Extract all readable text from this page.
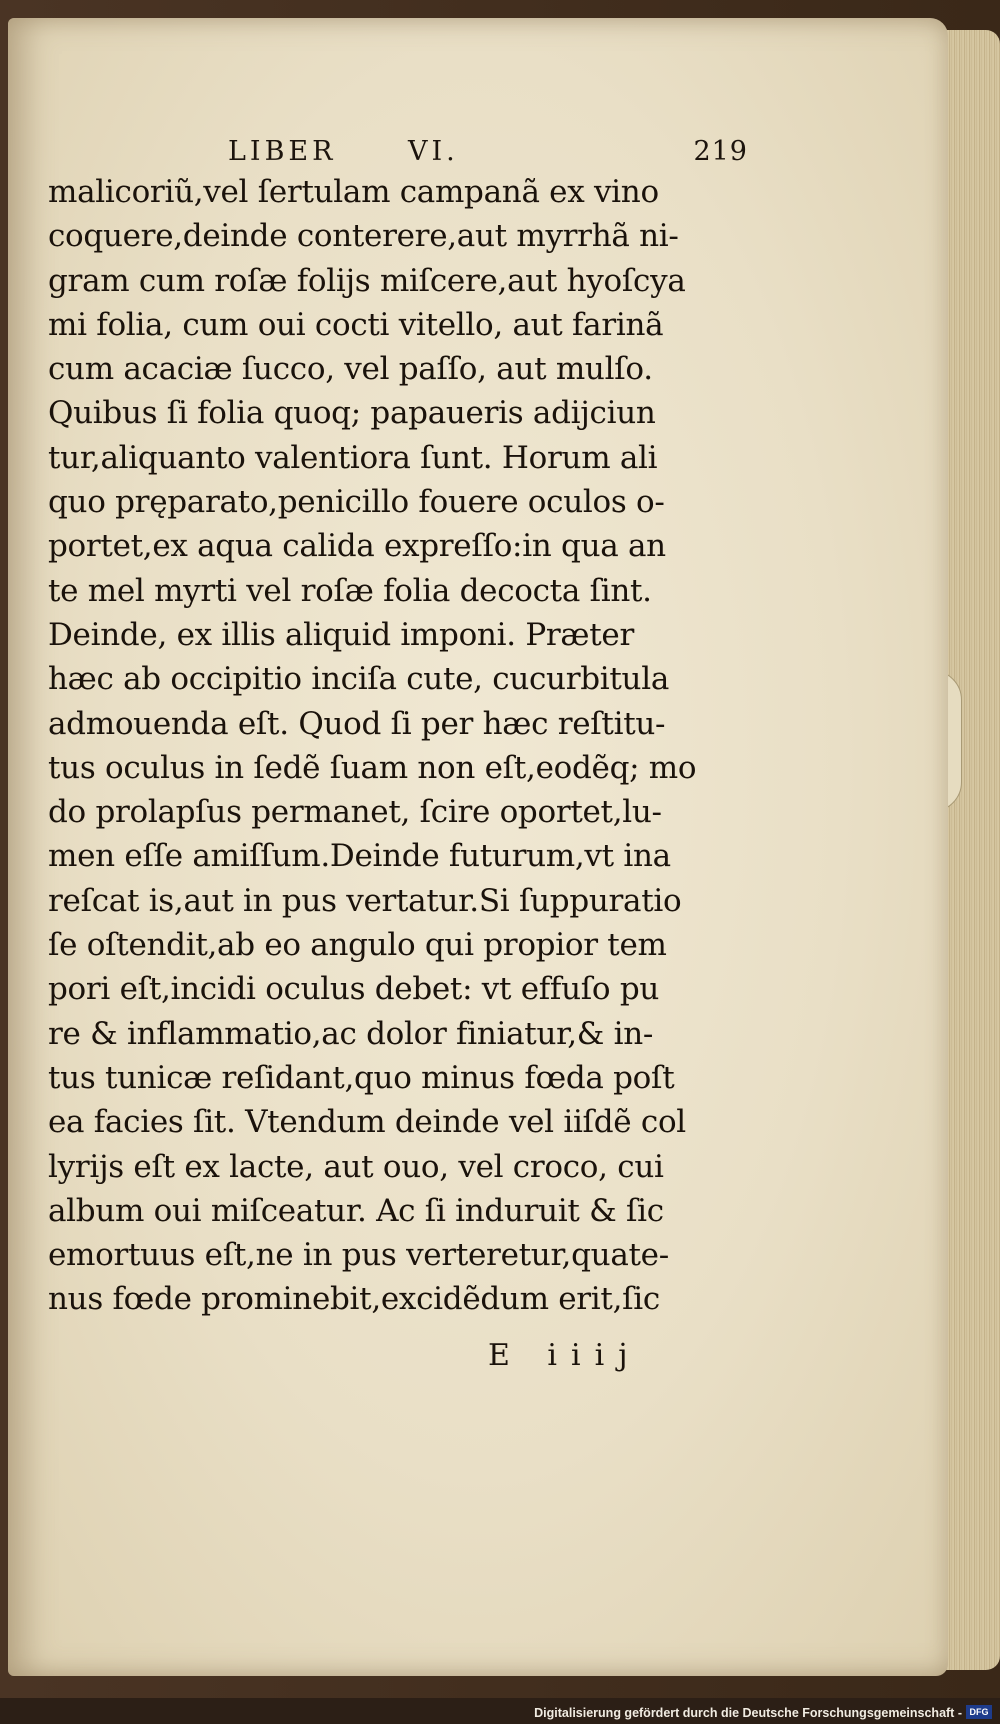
LIBER	VI.	219
malicoriũ,vel ſertulam campanã ex vino
coquere,deinde conterere,aut myrrhã ni-
gram cum roſæ folijs miſcere,aut hyoſcya
mi folia, cum oui cocti vitello, aut farinã
cum acaciæ ſucco, vel paſſo, aut mulſo.
Quibus ſi folia quoq; papaueris adijciun
tur,aliquanto valentiora ſunt. Horum ali
quo pręparato,penicillo fouere oculos o-
portet,ex aqua calida expreſſo:in qua an
te mel myrti vel roſæ folia decocta ſint.
Deinde, ex illis aliquid imponi. Præter
hæc ab occipitio inciſa cute, cucurbitula
admouenda eſt. Quod ſi per hæc reſtitu-
tus oculus in ſedẽ ſuam non eſt,eodẽq; mo
do prolapſus permanet, ſcire oportet,lu-
men eſſe amiſſum.Deinde futurum,vt ina
reſcat is,aut in pus vertatur.Si ſuppuratio
ſe oſtendit,ab eo angulo qui propior tem
pori eſt,incidi oculus debet: vt effuſo pu
re & inflammatio,ac dolor finiatur,& in-
tus tunicæ reſidant,quo minus fœda poſt
ea facies ſit. Vtendum deinde vel iiſdẽ col
lyrijs eſt ex lacte, aut ouo, vel croco, cui
album oui miſceatur. Ac ſi induruit & ſic
emortuus eſt,ne in pus verteretur,quate-
nus fœde prominebit,excidẽdum erit,ſic
E iiij
Digitalisierung gefördert durch die Deutsche Forschungsgemeinschaft - DFG
